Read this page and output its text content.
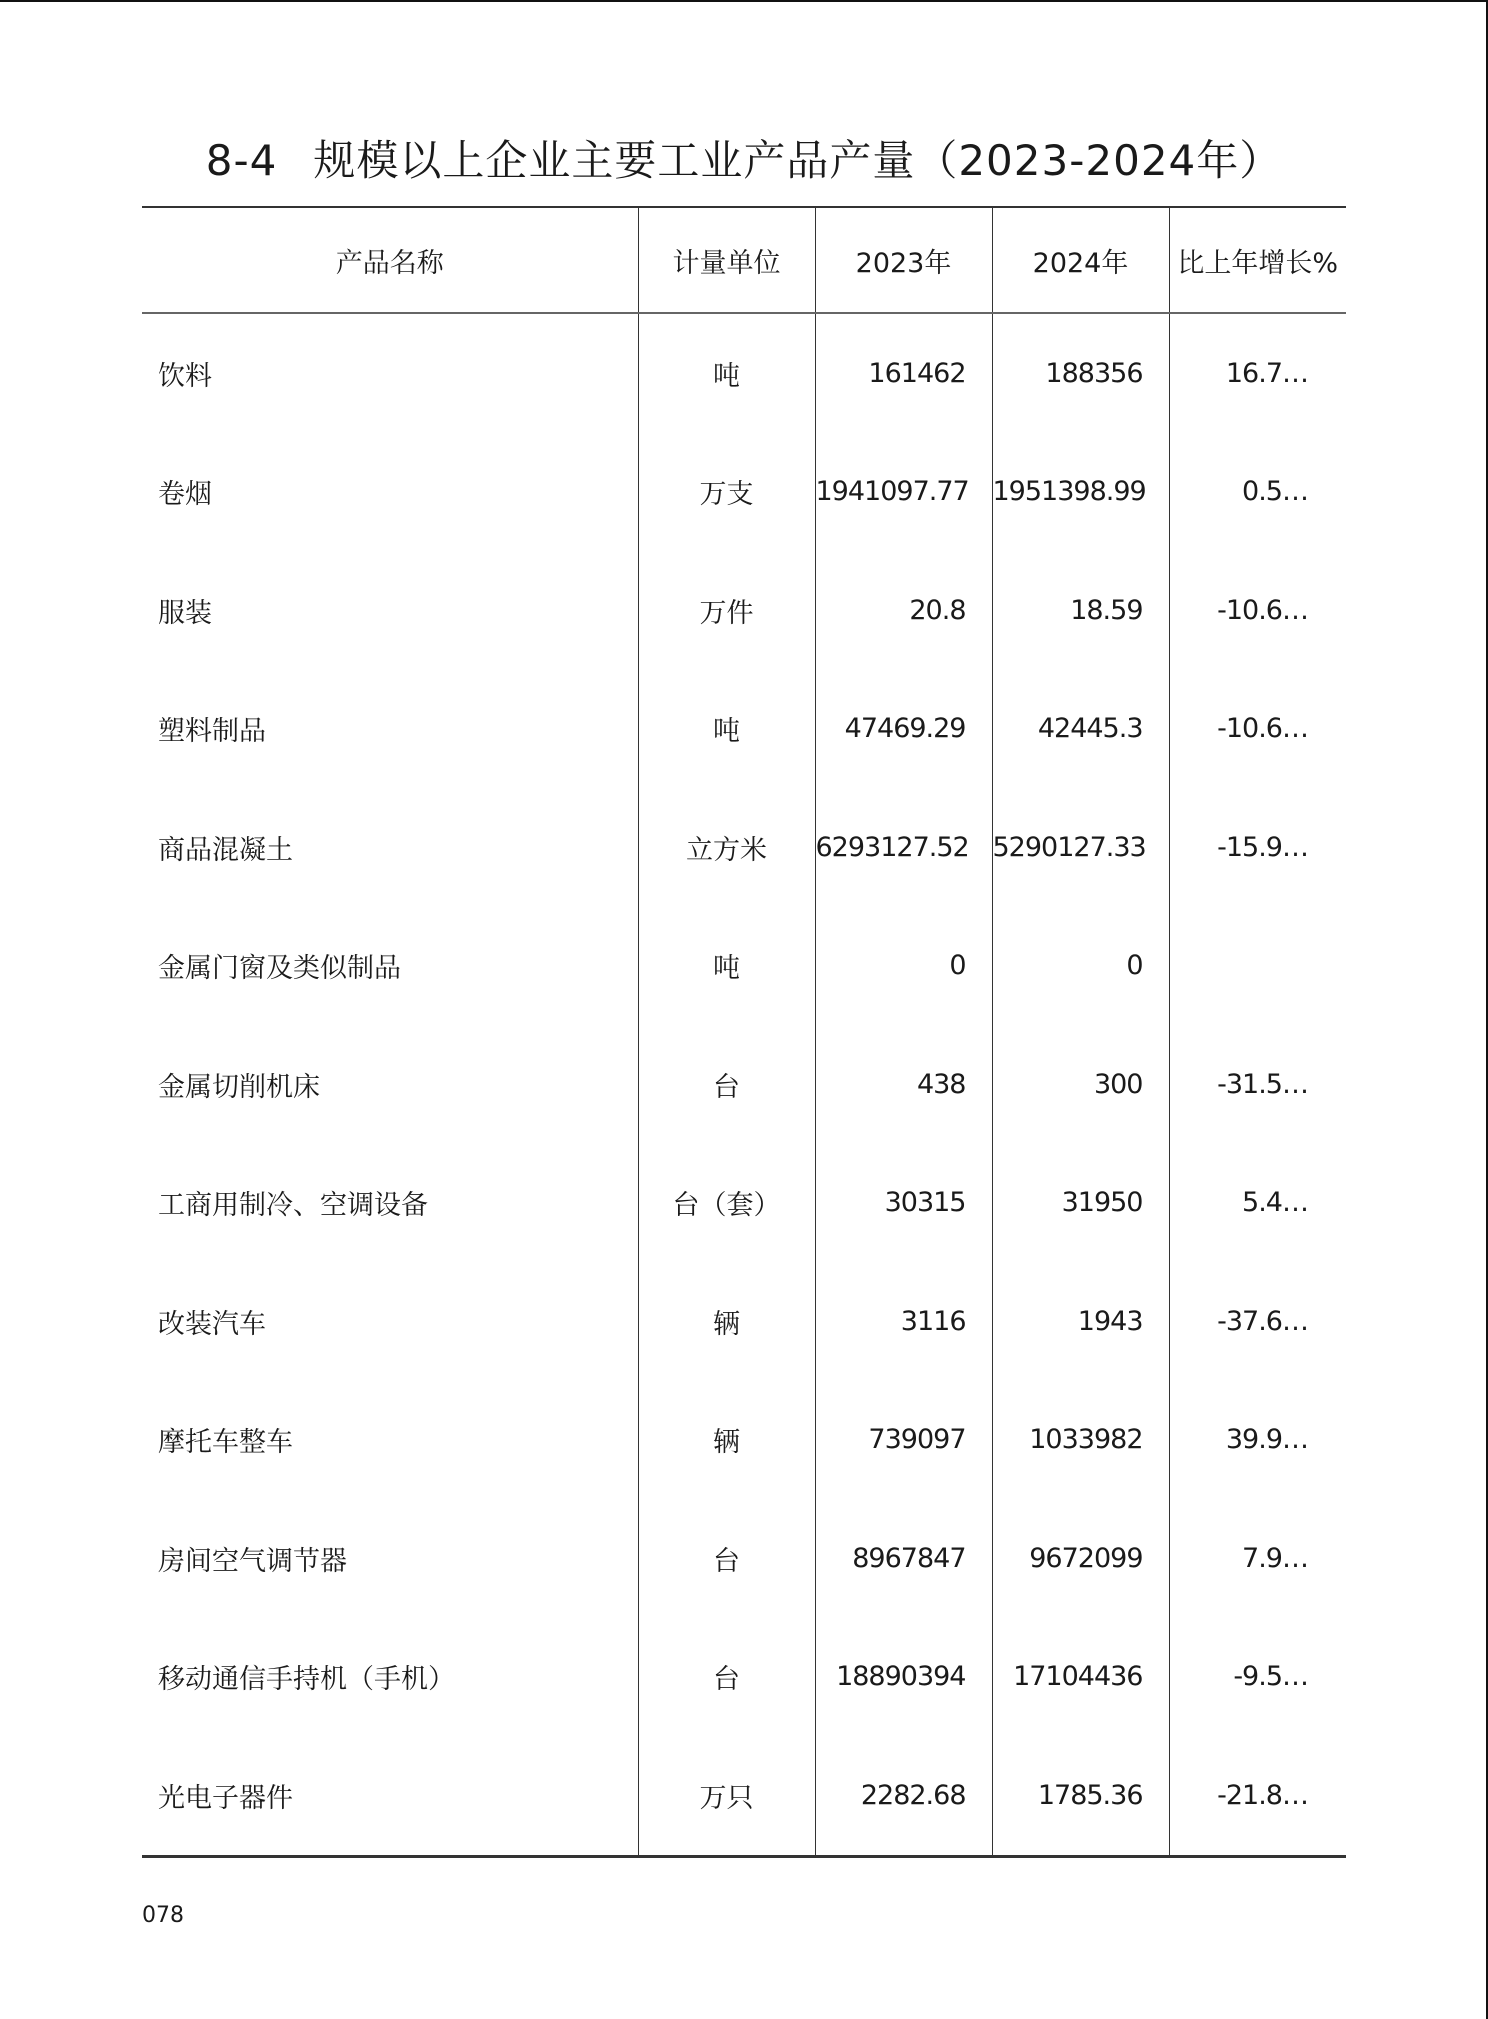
8-4 规模以上企业主要工业产品产量（2023-2024年）
产品名称	计量单位	2023年	2024年	比上年增长%
饮料	吨	161462	188356	16.7…
卷烟	万支	1941097.77	1951398.99	0.5…
服装	万件	20.8	18.59	-10.6…
塑料制品	吨	47469.29	42445.3	-10.6…
商品混凝土	立方米	6293127.52	5290127.33	-15.9…
金属门窗及类似制品	吨	0	0	
金属切削机床	台	438	300	-31.5…
工商用制冷、空调设备	台（套）	30315	31950	5.4…
改装汽车	辆	3116	1943	-37.6…
摩托车整车	辆	739097	1033982	39.9…
房间空气调节器	台	8967847	9672099	7.9…
移动通信手持机（手机）	台	18890394	17104436	-9.5…
光电子器件	万只	2282.68	1785.36	-21.8…
078
